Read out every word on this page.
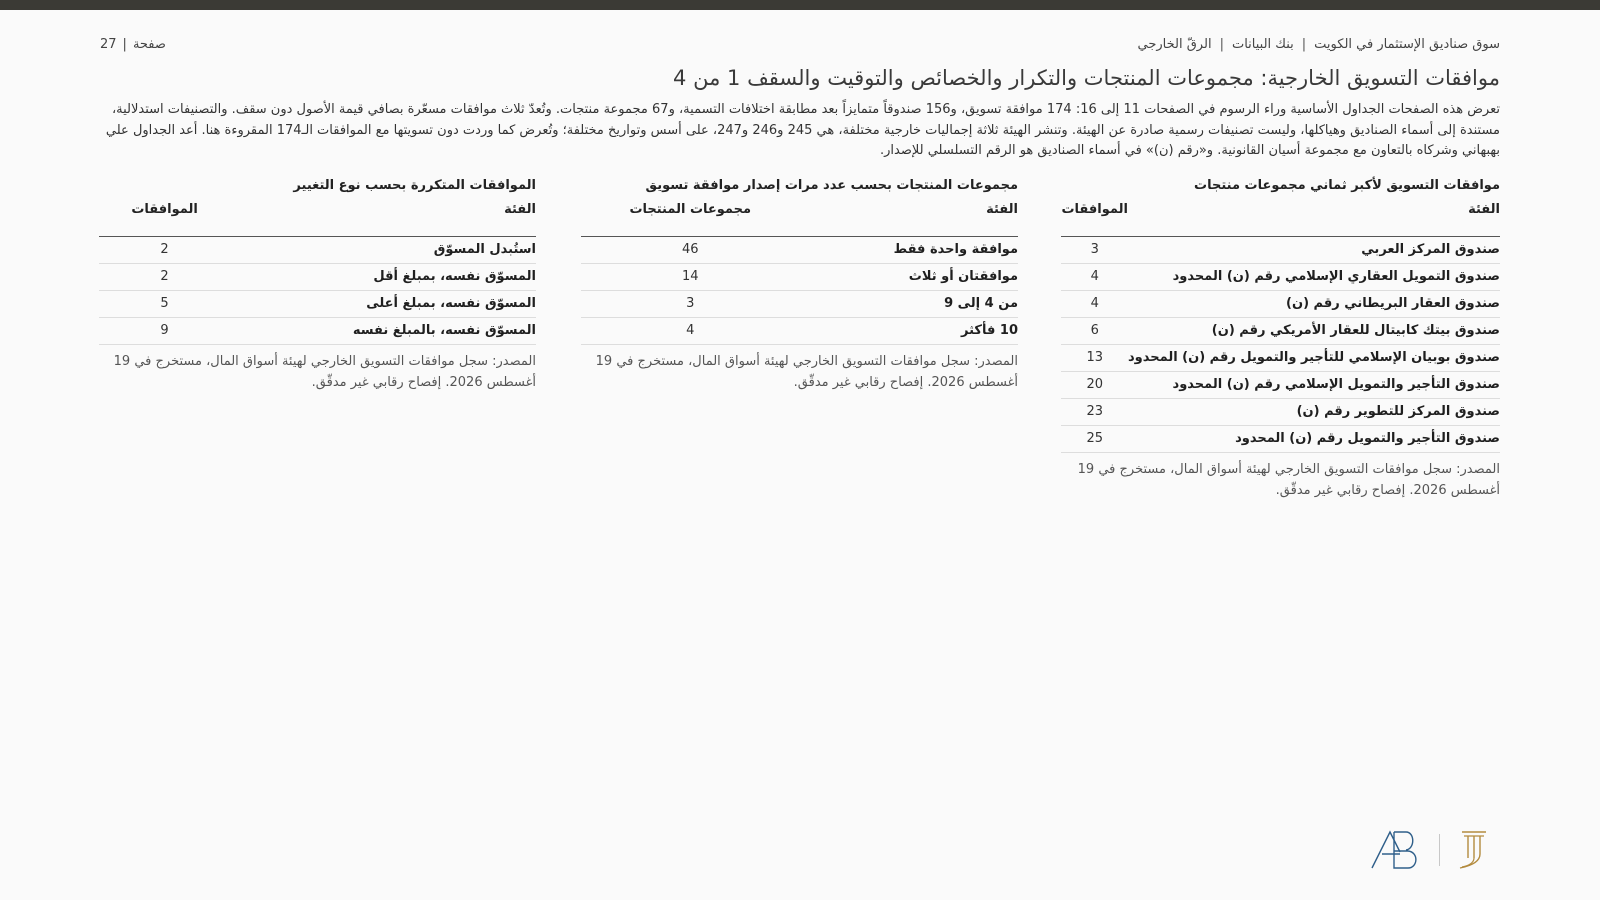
سوق صناديق الإستثمار في الكويت|بنك البيانات|الرقّ الخارجي
صفحة|27
موافقات التسويق الخارجية: مجموعات المنتجات والتكرار والخصائص والتوقيت والسقف 1 من 4

تعرض هذه الصفحات الجداول الأساسية وراء الرسوم في الصفحات 11 إلى 16: 174 موافقة تسويق، و156 صندوقاً متمايزاً بعد مطابقة اختلافات التسمية، و67 مجموعة منتجات. وتُعدّ ثلاث موافقات مسعّرة بصافي قيمة الأصول دون سقف. والتصنيفات استدلالية، مستندة إلى أسماء الصناديق وهياكلها، وليست تصنيفات رسمية صادرة عن الهيئة. وتنشر الهيئة ثلاثة إجماليات خارجية مختلفة، هي 245 و246 و247، على أسس وتواريخ مختلفة؛ وتُعرض كما وردت دون تسويتها مع الموافقات الـ174 المقروءة هنا. أعد الجداول علي بهبهاني وشركاه بالتعاون مع مجموعة أسيان القانونية. و«رقم (ن)» في أسماء الصناديق هو الرقم التسلسلي للإصدار.

موافقات التسويق لأكبر ثماني مجموعات منتجات
الفئة	الموافقات
صندوق المركز العربي	3
صندوق التمويل العقاري الإسلامي رقم (ن) المحدود	4
صندوق العقار البريطاني رقم (ن)	4
صندوق بيتك كابيتال للعقار الأمريكي رقم (ن)	6
صندوق بوبيان الإسلامي للتأجير والتمويل رقم (ن) المحدود	13
صندوق التأجير والتمويل الإسلامي رقم (ن) المحدود	20
صندوق المركز للتطوير رقم (ن)	23
صندوق التأجير والتمويل رقم (ن) المحدود	25

المصدر: سجل موافقات التسويق الخارجي لهيئة أسواق المال، مستخرج في 19 أغسطس 2026. إفصاح رقابي غير مدقّق.

مجموعات المنتجات بحسب عدد مرات إصدار موافقة تسويق
الفئة	مجموعات المنتجات
موافقة واحدة فقط	46
موافقتان أو ثلاث	14
من 4 إلى 9	3
10 فأكثر	4

المصدر: سجل موافقات التسويق الخارجي لهيئة أسواق المال، مستخرج في 19 أغسطس 2026. إفصاح رقابي غير مدقّق.

الموافقات المتكررة بحسب نوع التغيير
الفئة	الموافقات
استُبدل المسوّق	2
المسوّق نفسه، بمبلغ أقل	2
المسوّق نفسه، بمبلغ أعلى	5
المسوّق نفسه، بالمبلغ نفسه	9

المصدر: سجل موافقات التسويق الخارجي لهيئة أسواق المال، مستخرج في 19 أغسطس 2026. إفصاح رقابي غير مدقّق.
